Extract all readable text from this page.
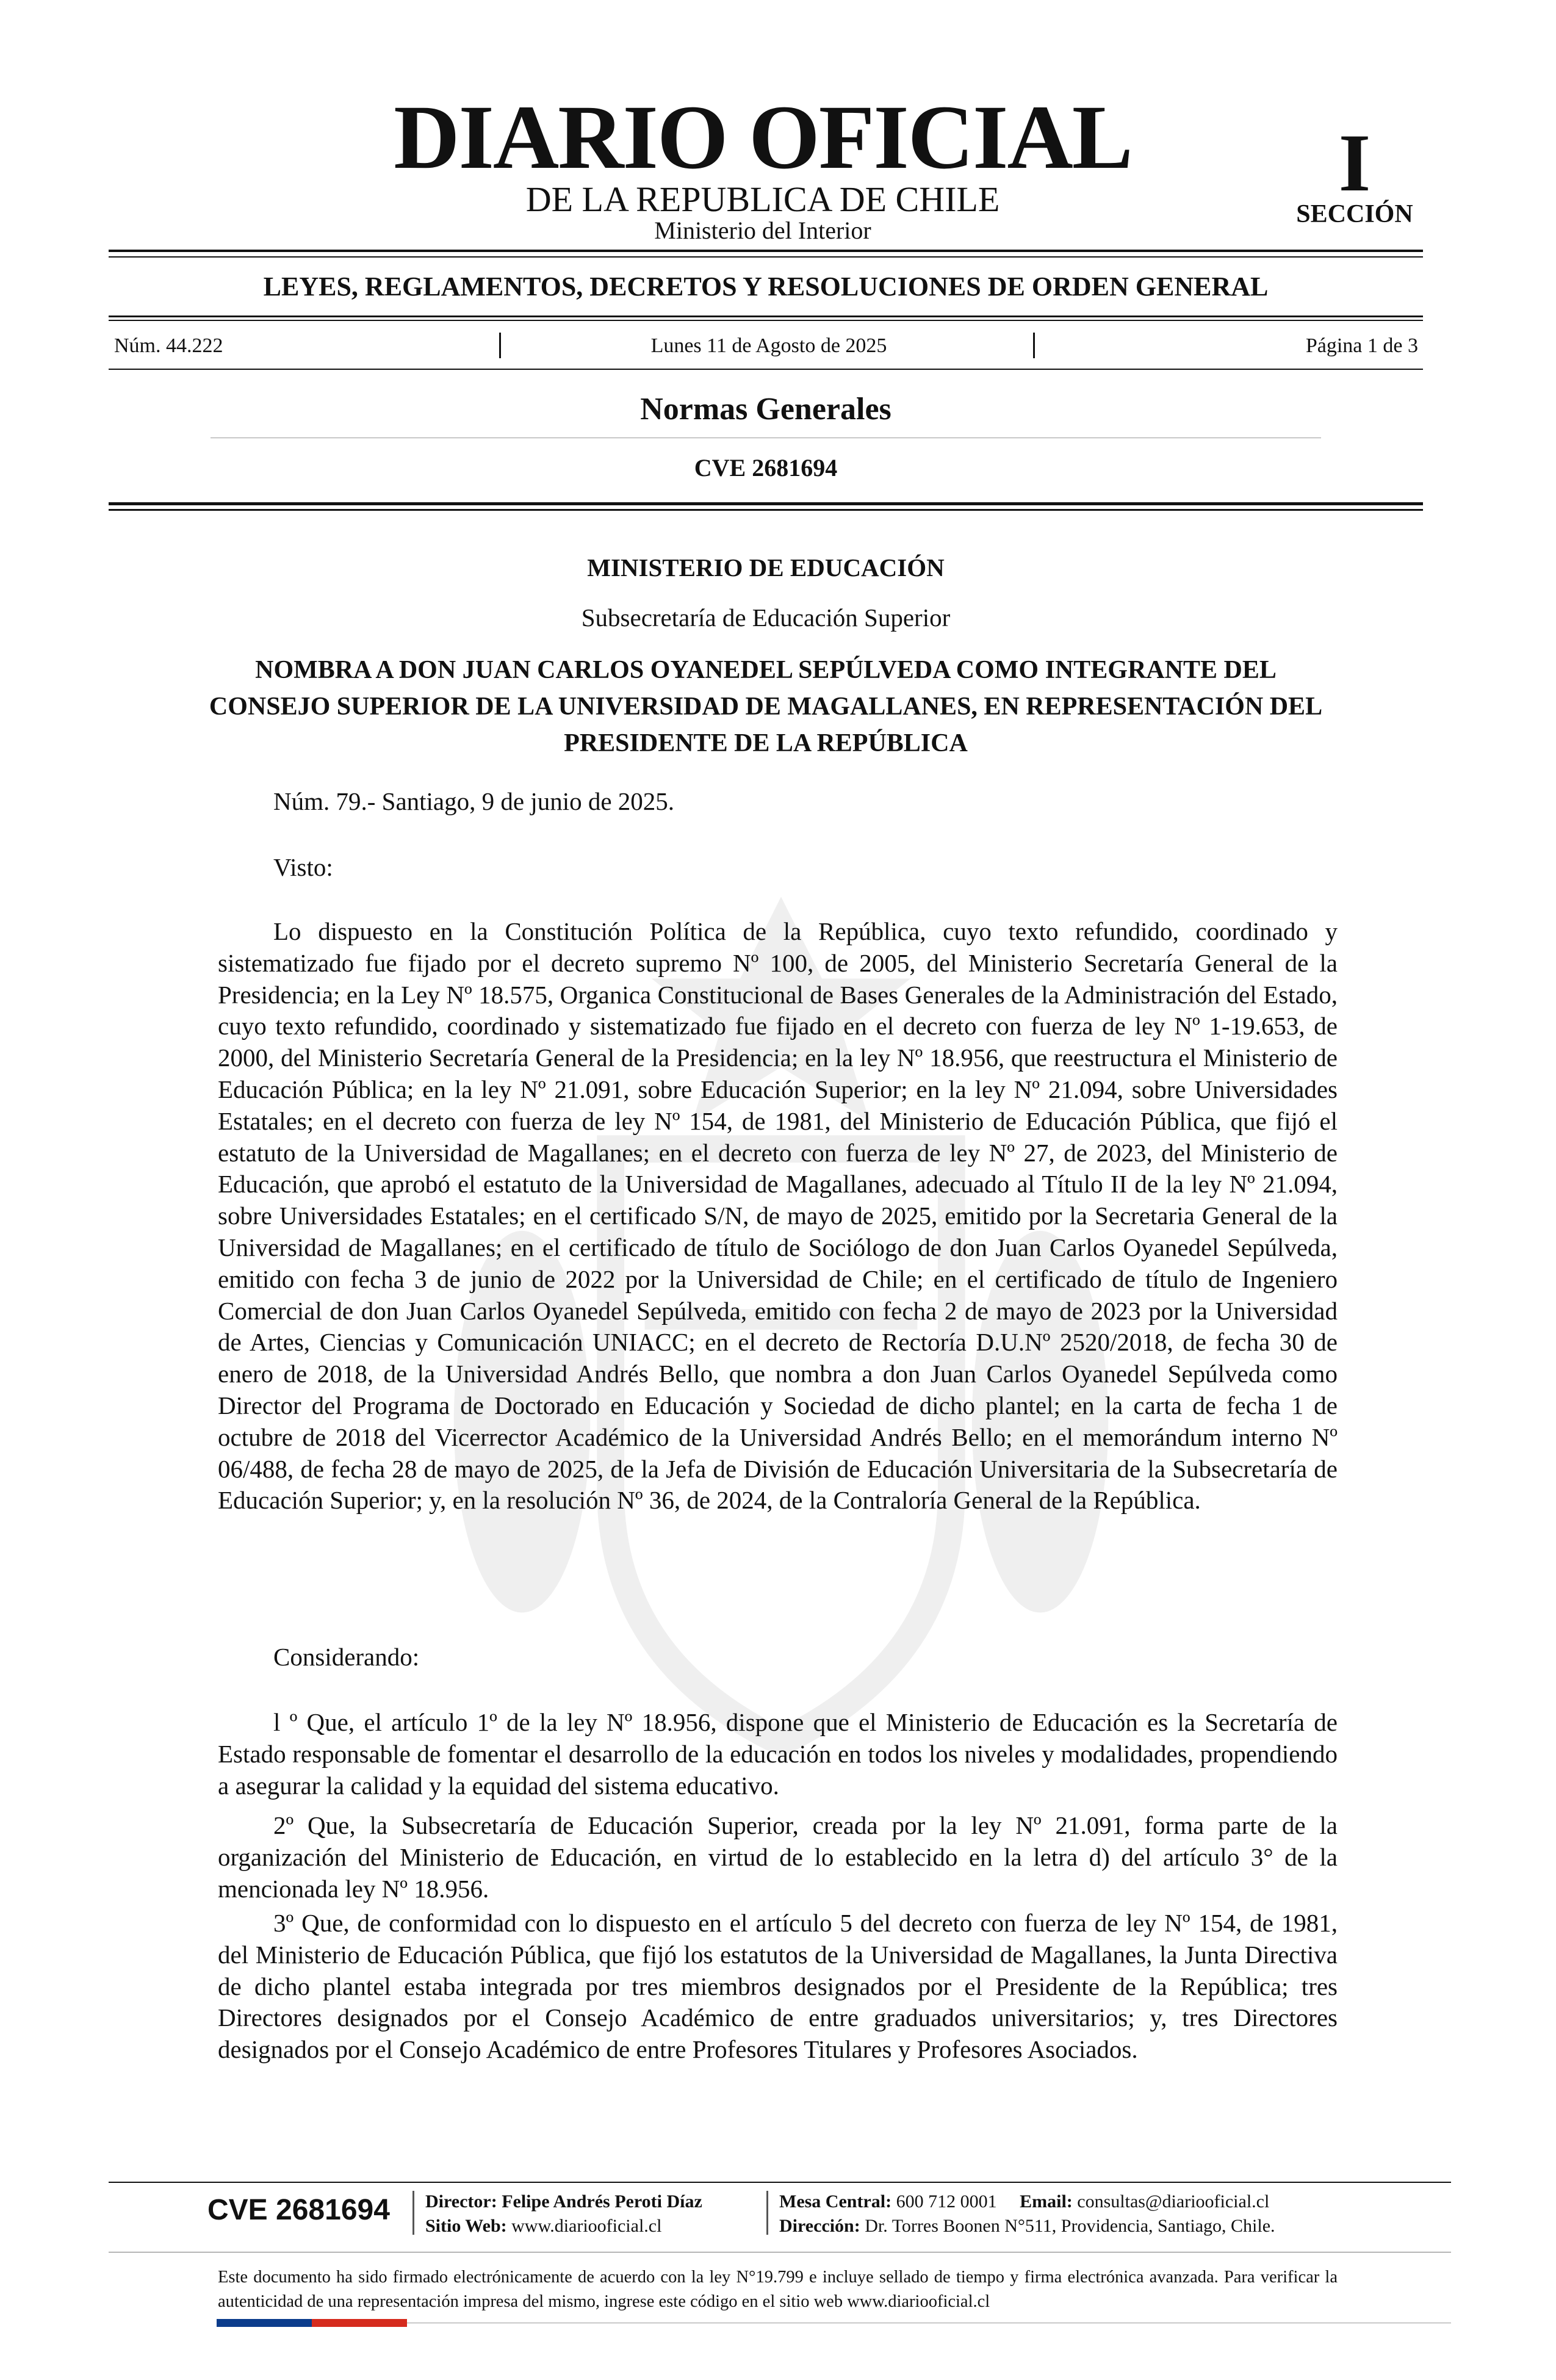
DIARIO OFICIAL
DE LA REPUBLICA DE CHILE
Ministerio del Interior
I
SECCIÓN
LEYES, REGLAMENTOS, DECRETOS Y RESOLUCIONES DE ORDEN GENERAL
Núm. 44.222	Lunes 11 de Agosto de 2025	Página 1 de 3
Normas Generales
CVE 2681694
MINISTERIO DE EDUCACIÓN
Subsecretaría de Educación Superior
NOMBRA A DON JUAN CARLOS OYANEDEL SEPÚLVEDA COMO INTEGRANTE DEL CONSEJO SUPERIOR DE LA UNIVERSIDAD DE MAGALLANES, EN REPRESENTACIÓN DEL PRESIDENTE DE LA REPÚBLICA

Núm. 79.- Santiago, 9 de junio de 2025.

Visto:

Lo dispuesto en la Constitución Política de la República, cuyo texto refundido, coordinado y sistematizado fue fijado por el decreto supremo Nº 100, de 2005, del Ministerio Secretaría General de la Presidencia; en la Ley Nº 18.575, Organica Constitucional de Bases Generales de la Administración del Estado, cuyo texto refundido, coordinado y sistematizado fue fijado en el decreto con fuerza de ley Nº 1-19.653, de 2000, del Ministerio Secretaría General de la Presidencia; en la ley Nº 18.956, que reestructura el Ministerio de Educación Pública; en la ley Nº 21.091, sobre Educación Superior; en la ley Nº 21.094, sobre Universidades Estatales; en el decreto con fuerza de ley Nº 154, de 1981, del Ministerio de Educación Pública, que fijó el estatuto de la Universidad de Magallanes; en el decreto con fuerza de ley Nº 27, de 2023, del Ministerio de Educación, que aprobó el estatuto de la Universidad de Magallanes, adecuado al Título II de la ley Nº 21.094, sobre Universidades Estatales; en el certificado S/N, de mayo de 2025, emitido por la Secretaria General de la Universidad de Magallanes; en el certificado de título de Sociólogo de don Juan Carlos Oyanedel Sepúlveda, emitido con fecha 3 de junio de 2022 por la Universidad de Chile; en el certificado de título de Ingeniero Comercial de don Juan Carlos Oyanedel Sepúlveda, emitido con fecha 2 de mayo de 2023 por la Universidad de Artes, Ciencias y Comunicación UNIACC; en el decreto de Rectoría D.U.Nº 2520/2018, de fecha 30 de enero de 2018, de la Universidad Andrés Bello, que nombra a don Juan Carlos Oyanedel Sepúlveda como Director del Programa de Doctorado en Educación y Sociedad de dicho plantel; en la carta de fecha 1 de octubre de 2018 del Vicerrector Académico de la Universidad Andrés Bello; en el memorándum interno Nº 06/488, de fecha 28 de mayo de 2025, de la Jefa de División de Educación Universitaria de la Subsecretaría de Educación Superior; y, en la resolución Nº 36, de 2024, de la Contraloría General de la República.

Considerando:

l º Que, el artículo 1º de la ley Nº 18.956, dispone que el Ministerio de Educación es la Secretaría de Estado responsable de fomentar el desarrollo de la educación en todos los niveles y modalidades, propendiendo a asegurar la calidad y la equidad del sistema educativo.

2º Que, la Subsecretaría de Educación Superior, creada por la ley Nº 21.091, forma parte de la organización del Ministerio de Educación, en virtud de lo establecido en la letra d) del artículo 3° de la mencionada ley Nº 18.956.

3º Que, de conformidad con lo dispuesto en el artículo 5 del decreto con fuerza de ley Nº 154, de 1981, del Ministerio de Educación Pública, que fijó los estatutos de la Universidad de Magallanes, la Junta Directiva de dicho plantel estaba integrada por tres miembros designados por el Presidente de la República; tres Directores designados por el Consejo Académico de entre graduados universitarios; y, tres Directores designados por el Consejo Académico de entre Profesores Titulares y Profesores Asociados.

CVE 2681694	Director: Felipe Andrés Peroti Díaz
Sitio Web: www.diariooficial.cl
Mesa Central: 600 712 0001 Email: consultas@diariooficial.cl
Dirección: Dr. Torres Boonen N°511, Providencia, Santiago, Chile.
Este documento ha sido firmado electrónicamente de acuerdo con la ley N°19.799 e incluye sellado de tiempo y firma electrónica avanzada. Para verificar la autenticidad de una representación impresa del mismo, ingrese este código en el sitio web www.diariooficial.cl
